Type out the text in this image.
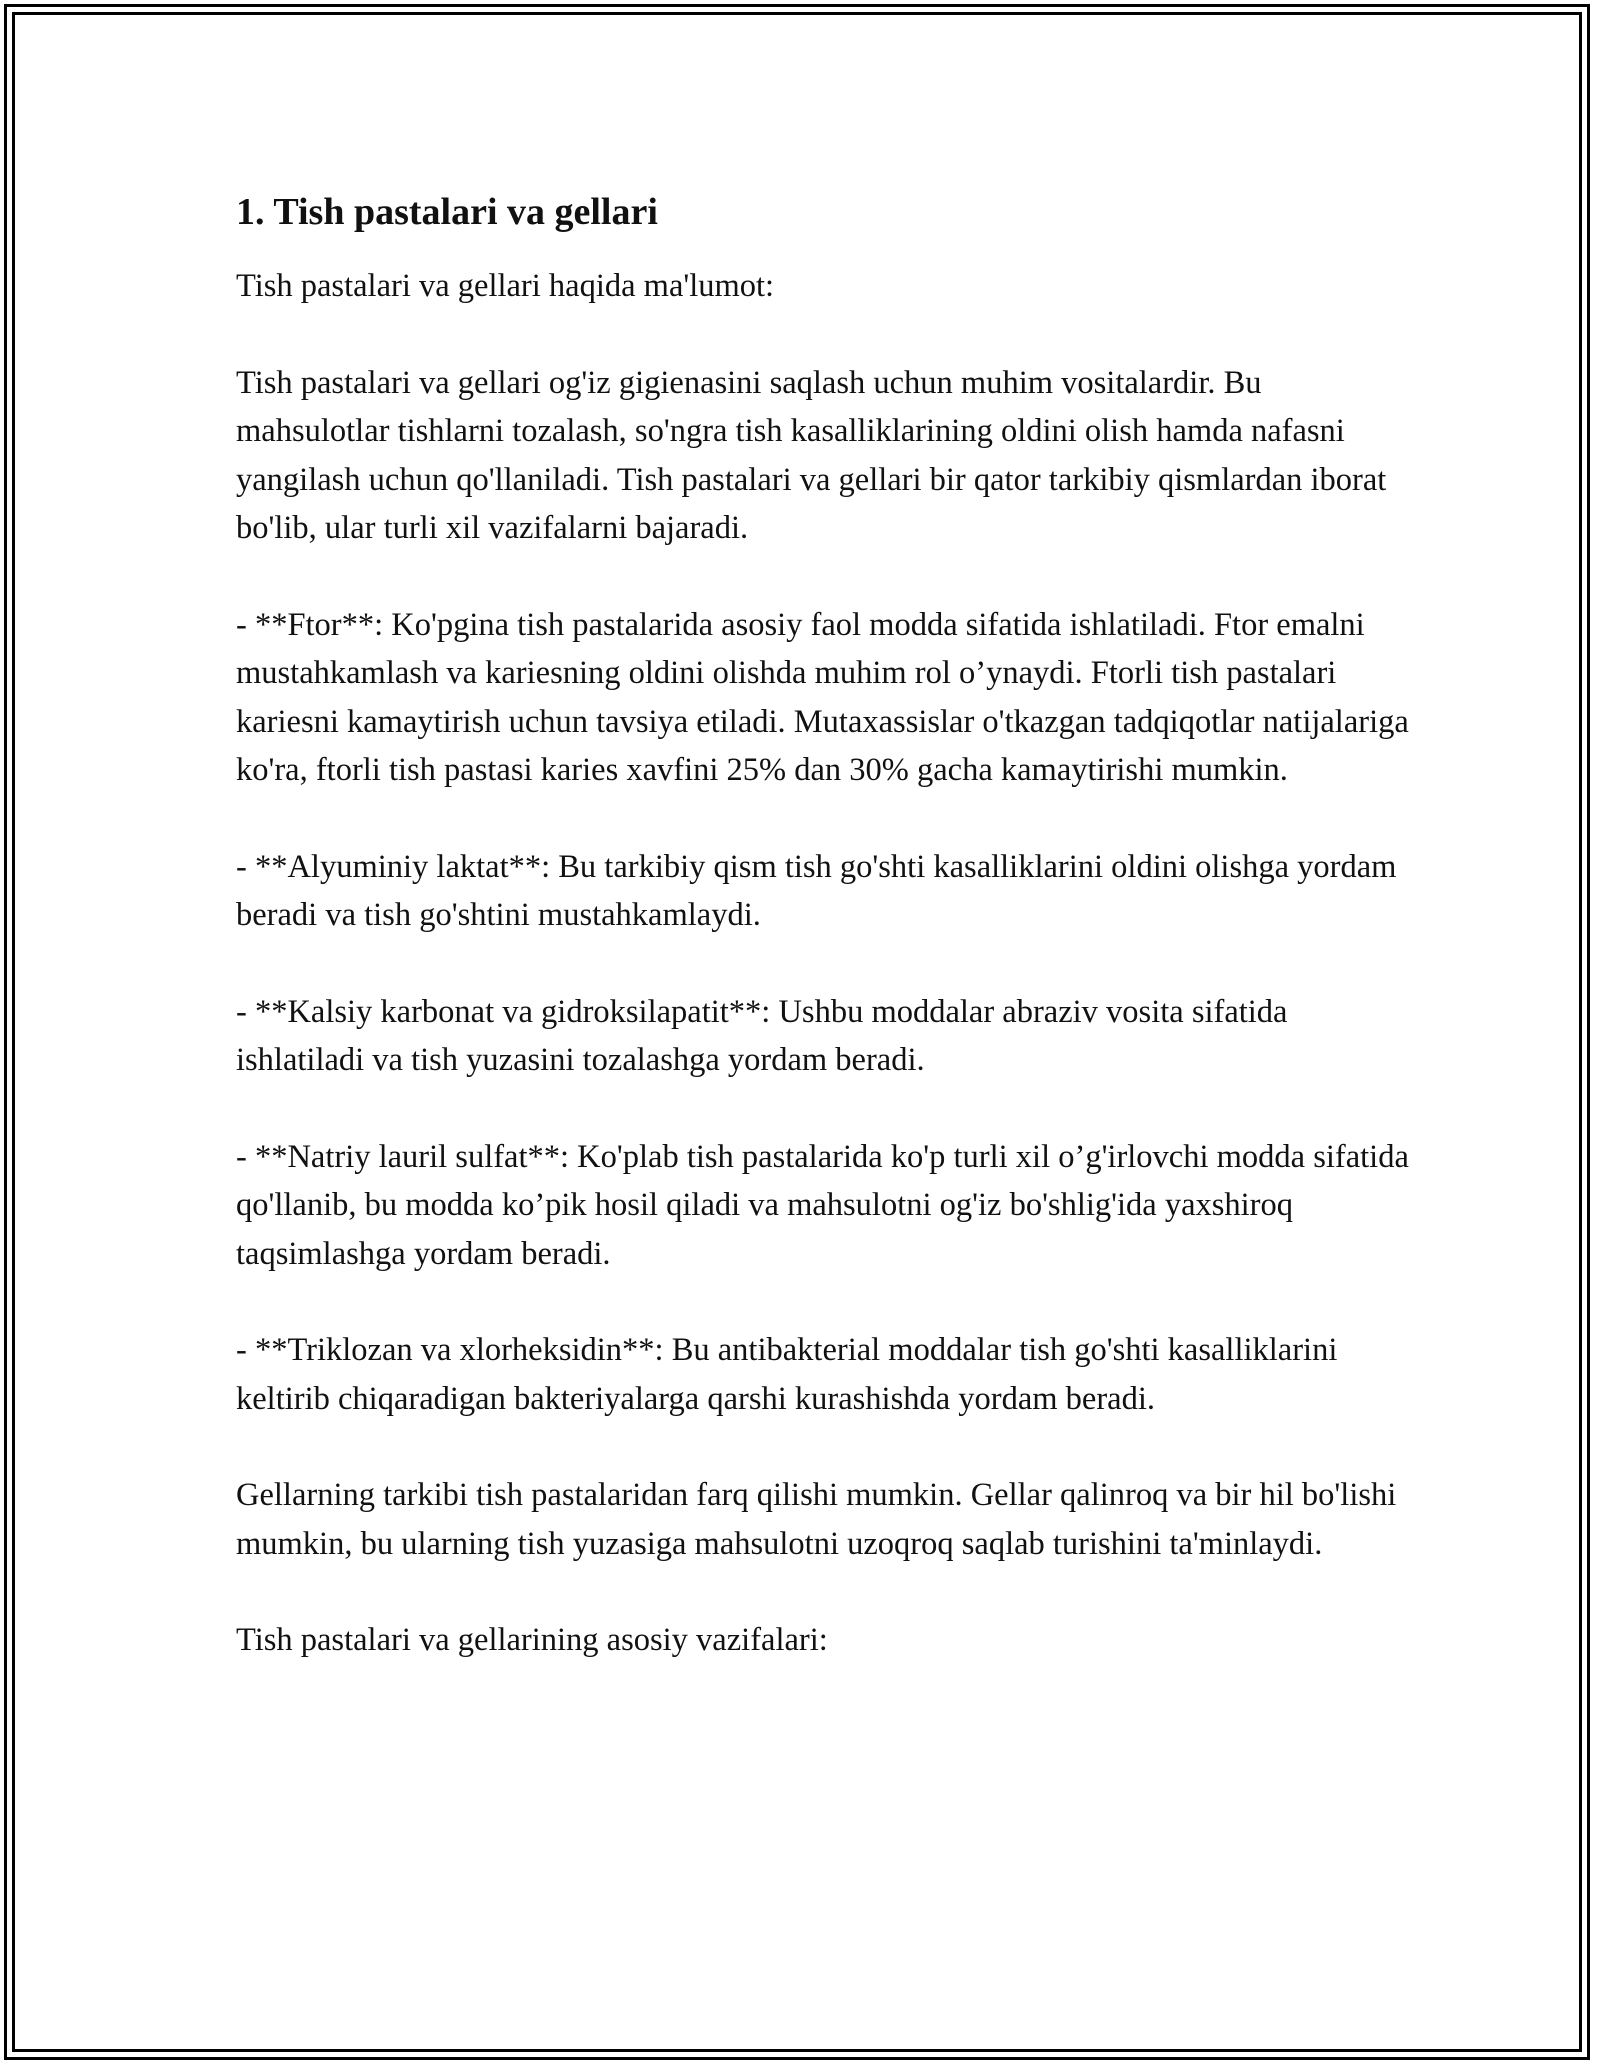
1. Tish pastalari va gellari

Tish pastalari va gellari haqida ma'lumot:

Tish pastalari va gellari og'iz gigienasini saqlash uchun muhim vositalardir. Bu mahsulotlar tishlarni tozalash, so'ngra tish kasalliklarining oldini olish hamda nafasni yangilash uchun qo'llaniladi. Tish pastalari va gellari bir qator tarkibiy qismlardan iborat bo'lib, ular turli xil vazifalarni bajaradi.

- **Ftor**: Ko'pgina tish pastalarida asosiy faol modda sifatida ishlatiladi. Ftor emalni mustahkamlash va kariesning oldini olishda muhim rol o’ynaydi. Ftorli tish pastalari kariesni kamaytirish uchun tavsiya etiladi. Mutaxassislar o'tkazgan tadqiqotlar natijalariga ko'ra, ftorli tish pastasi karies xavfini 25% dan 30% gacha kamaytirishi mumkin.

- **Alyuminiy laktat**: Bu tarkibiy qism tish go'shti kasalliklarini oldini olishga yordam beradi va tish go'shtini mustahkamlaydi.

- **Kalsiy karbonat va gidroksilapatit**: Ushbu moddalar abraziv vosita sifatida ishlatiladi va tish yuzasini tozalashga yordam beradi.

- **Natriy lauril sulfat**: Ko'plab tish pastalarida ko'p turli xil o’g'irlovchi modda sifatida qo'llanib, bu modda ko’pik hosil qiladi va mahsulotni og'iz bo'shlig'ida yaxshiroq taqsimlashga yordam beradi.

- **Triklozan va xlorheksidin**: Bu antibakterial moddalar tish go'shti kasalliklarini keltirib chiqaradigan bakteriyalarga qarshi kurashishda yordam beradi.

Gellarning tarkibi tish pastalaridan farq qilishi mumkin. Gellar qalinroq va bir hil bo'lishi mumkin, bu ularning tish yuzasiga mahsulotni uzoqroq saqlab turishini ta'minlaydi.

Tish pastalari va gellarining asosiy vazifalari:
